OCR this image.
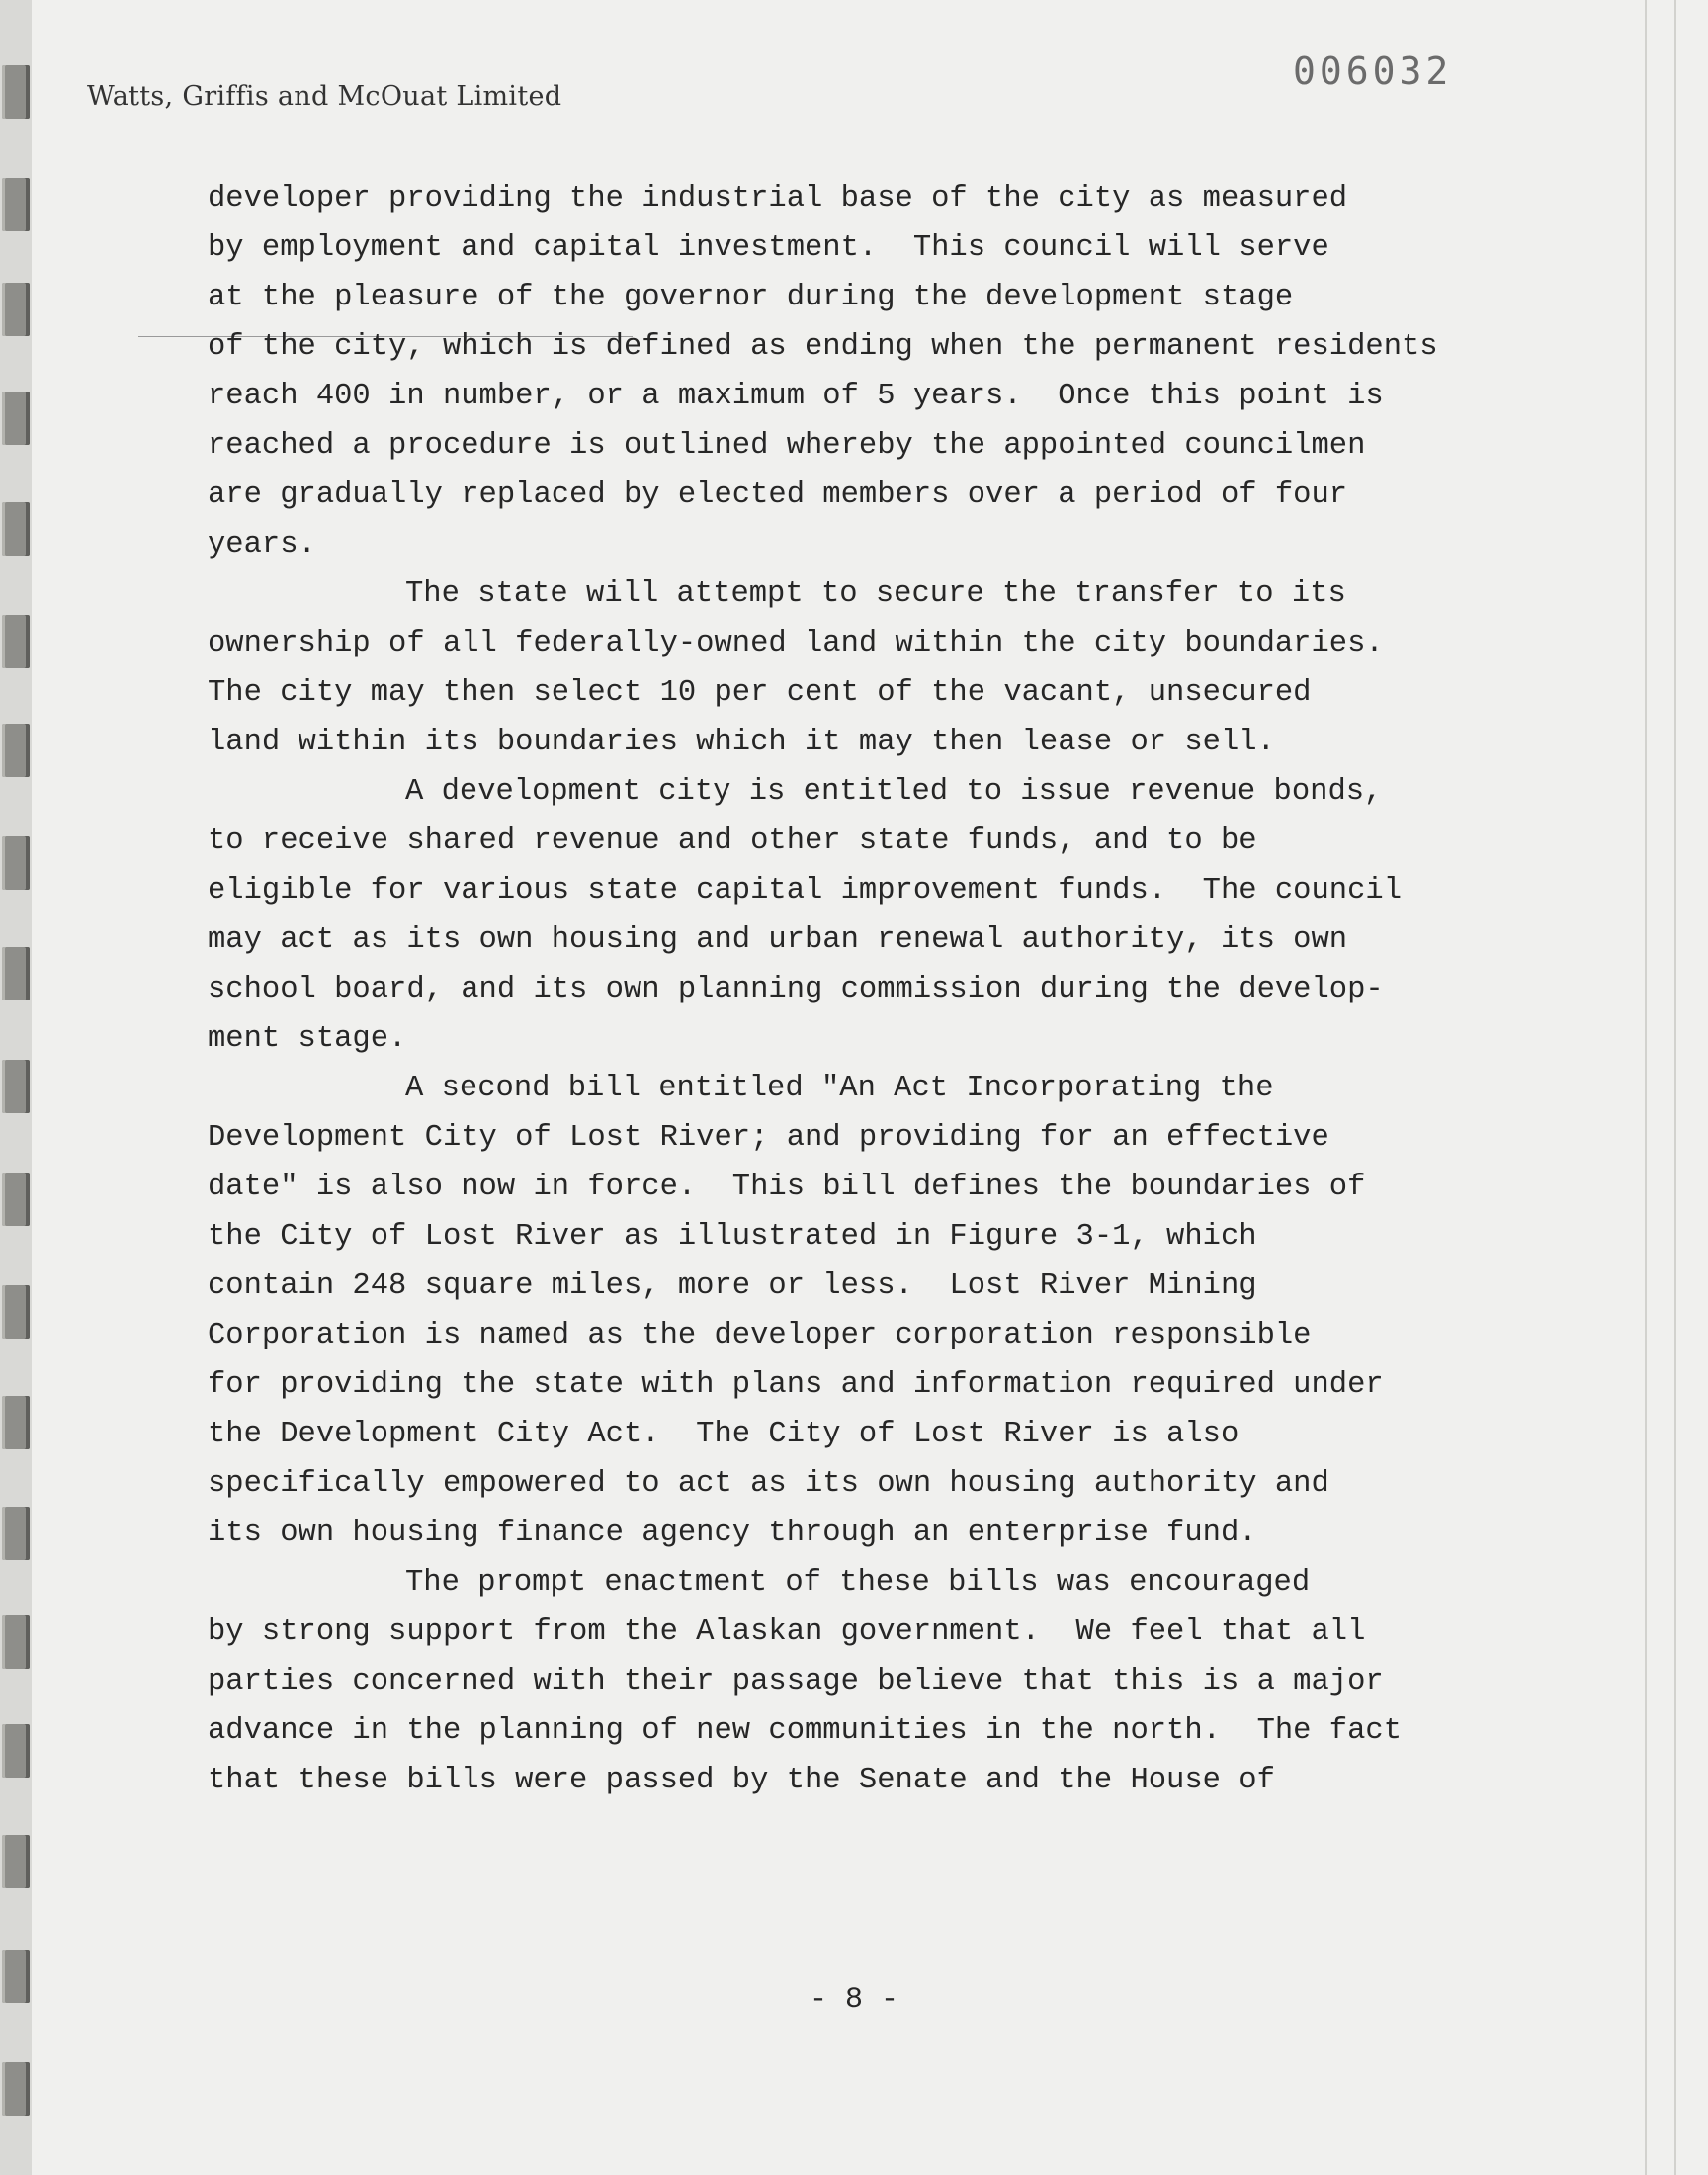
Watts, Griffis and McOuat Limited
006032
developer providing the industrial base of the city as measured
by employment and capital investment.  This council will serve
at the pleasure of the governor during the development stage
of the city, which is defined as ending when the permanent residents
reach 400 in number, or a maximum of 5 years.  Once this point is
reached a procedure is outlined whereby the appointed councilmen
are gradually replaced by elected members over a period of four
years.
The state will attempt to secure the transfer to its
ownership of all federally-owned land within the city boundaries.
The city may then select 10 per cent of the vacant, unsecured
land within its boundaries which it may then lease or sell.
A development city is entitled to issue revenue bonds,
to receive shared revenue and other state funds, and to be
eligible for various state capital improvement funds.  The council
may act as its own housing and urban renewal authority, its own
school board, and its own planning commission during the develop-
ment stage.
A second bill entitled "An Act Incorporating the
Development City of Lost River; and providing for an effective
date" is also now in force.  This bill defines the boundaries of
the City of Lost River as illustrated in Figure 3-1, which
contain 248 square miles, more or less.  Lost River Mining
Corporation is named as the developer corporation responsible
for providing the state with plans and information required under
the Development City Act.  The City of Lost River is also
specifically empowered to act as its own housing authority and
its own housing finance agency through an enterprise fund.
The prompt enactment of these bills was encouraged
by strong support from the Alaskan government.  We feel that all
parties concerned with their passage believe that this is a major
advance in the planning of new communities in the north.  The fact
that these bills were passed by the Senate and the House of
- 8 -
